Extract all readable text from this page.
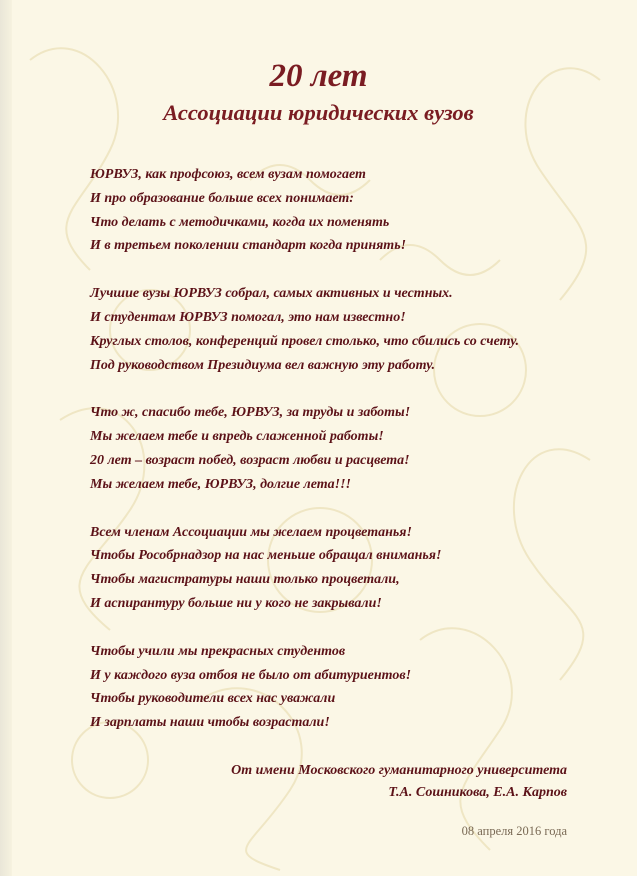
20 лет
Ассоциации юридических вузов
ЮРВУЗ, как профсоюз, всем вузам помогает
И про образование больше всех понимает:
Что делать с методичками, когда их поменять
И в третьем поколении стандарт когда принять!
Лучшие вузы ЮРВУЗ собрал, самых активных и честных.
И студентам ЮРВУЗ помогал, это нам известно!
Круглых столов, конференций провел столько, что сбились со счету.
Под руководством Президиума вел важную эту работу.
Что ж, спасибо тебе, ЮРВУЗ, за труды и заботы!
Мы желаем тебе и впредь слаженной работы!
20 лет – возраст побед, возраст любви и расцвета!
Мы желаем тебе, ЮРВУЗ, долгие лета!!!
Всем членам Ассоциации мы желаем процветанья!
Чтобы Рособрнадзор на нас меньше обращал вниманья!
Чтобы магистратуры наши только процветали,
И аспирантуру больше ни у кого не закрывали!
Чтобы учили мы прекрасных студентов
И у каждого вуза отбоя не было от абитуриентов!
Чтобы руководители всех нас уважали
И зарплаты наши чтобы возрастали!
От имени Московского гуманитарного университета
Т.А. Сошникова, Е.А. Карпов
08 апреля 2016 года
